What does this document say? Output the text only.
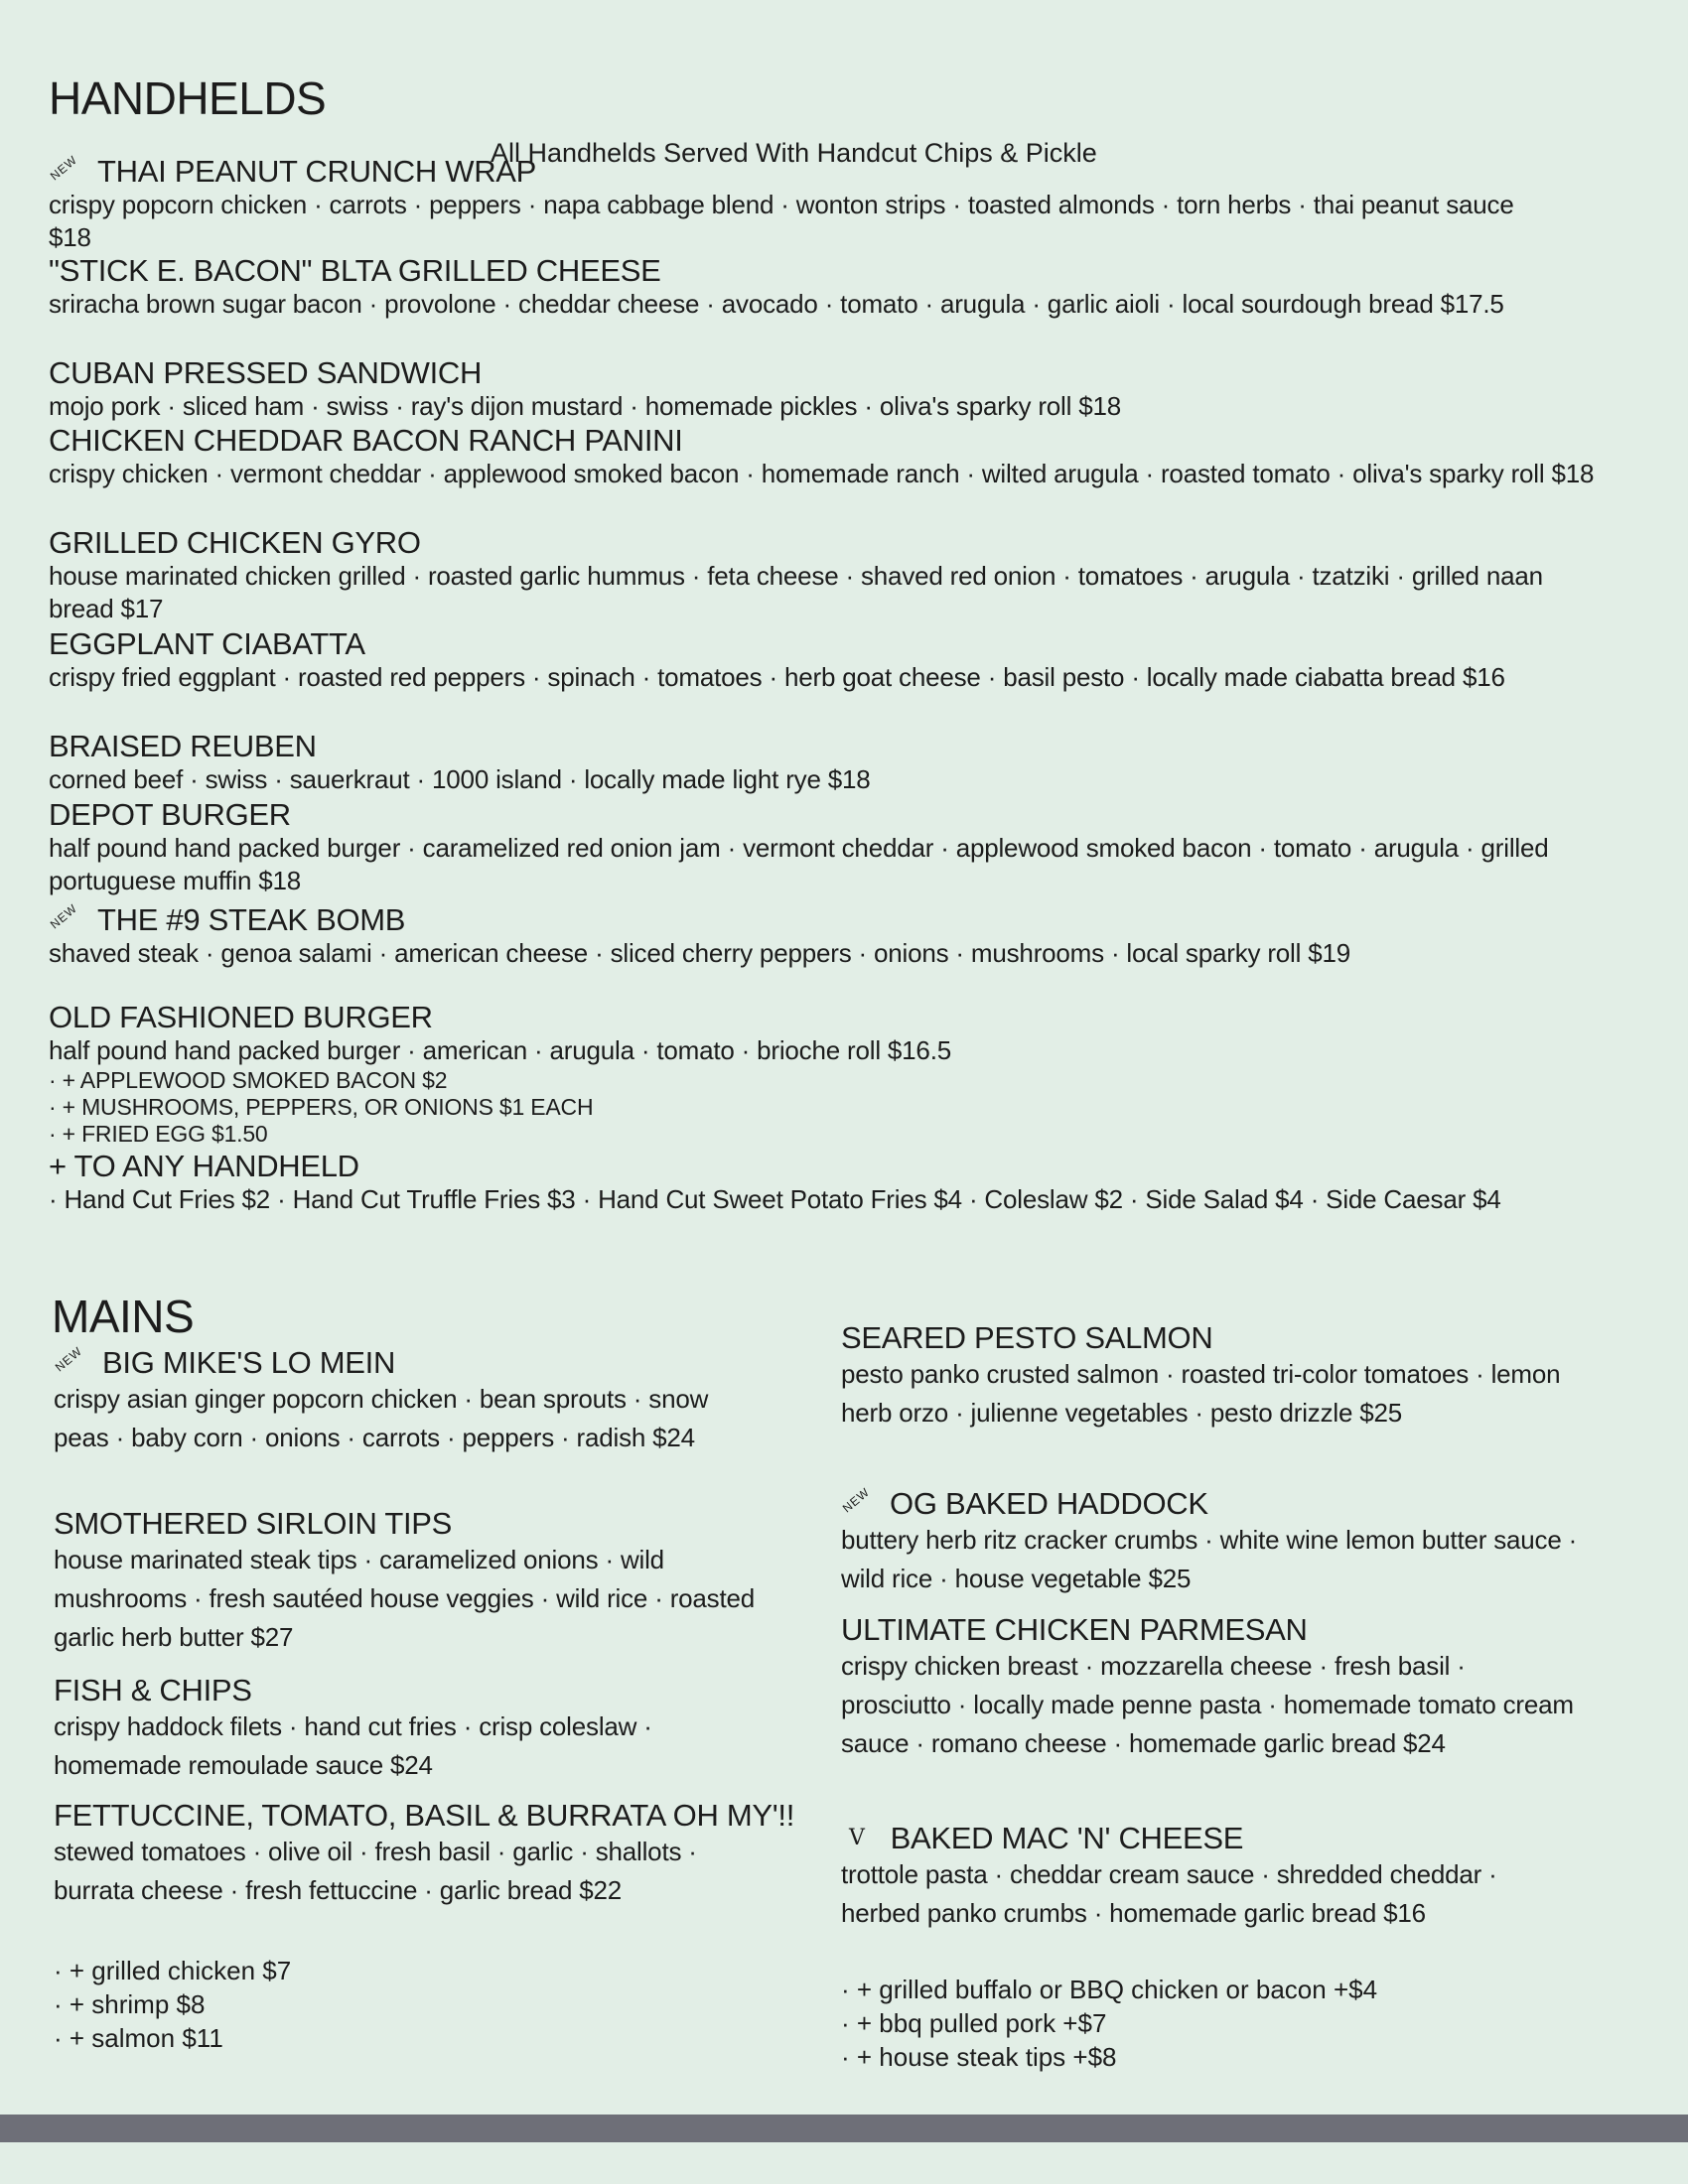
HANDHELDS
All Handhelds Served With Handcut Chips & Pickle
NEW THAI PEANUT CRUNCH WRAP
crispy popcorn chicken · carrots · peppers · napa cabbage blend · wonton strips · toasted almonds · torn herbs · thai peanut sauce $18
"STICK E. BACON" BLTA GRILLED CHEESE
sriracha brown sugar bacon · provolone · cheddar cheese · avocado · tomato · arugula · garlic aioli · local sourdough bread $17.5
CUBAN PRESSED SANDWICH
mojo pork · sliced ham · swiss · ray's dijon mustard · homemade pickles · oliva's sparky roll $18
CHICKEN CHEDDAR BACON RANCH PANINI
crispy chicken · vermont cheddar · applewood smoked bacon · homemade ranch · wilted arugula · roasted tomato · oliva's sparky roll $18
GRILLED CHICKEN GYRO
house marinated chicken grilled · roasted garlic hummus · feta cheese · shaved red onion · tomatoes · arugula · tzatziki · grilled naan bread $17
EGGPLANT CIABATTA
crispy fried eggplant · roasted red peppers · spinach · tomatoes · herb goat cheese · basil pesto · locally made ciabatta bread $16
BRAISED REUBEN
corned beef · swiss · sauerkraut · 1000 island · locally made light rye $18
DEPOT BURGER
half pound hand packed burger · caramelized red onion jam · vermont cheddar · applewood smoked bacon · tomato · arugula · grilled portuguese muffin $18
NEW THE #9 STEAK BOMB
shaved steak · genoa salami · american cheese · sliced cherry peppers · onions · mushrooms · local sparky roll $19
OLD FASHIONED BURGER
half pound hand packed burger · american · arugula · tomato · brioche roll $16.5
· + APPLEWOOD SMOKED BACON $2
· + MUSHROOMS, PEPPERS, OR ONIONS $1 EACH
· + FRIED EGG $1.50
+ TO ANY HANDHELD
· Hand Cut Fries $2 · Hand Cut Truffle Fries $3 · Hand Cut Sweet Potato Fries $4 · Coleslaw $2 · Side Salad $4 · Side Caesar $4
MAINS
NEW BIG MIKE'S LO MEIN
crispy asian ginger popcorn chicken · bean sprouts · snow peas · baby corn · onions · carrots · peppers · radish $24
SMOTHERED SIRLOIN TIPS
house marinated steak tips · caramelized onions · wild mushrooms · fresh sautéed house veggies · wild rice · roasted garlic herb butter $27
FISH & CHIPS
crispy haddock filets · hand cut fries · crisp coleslaw · homemade remoulade sauce $24
FETTUCCINE, TOMATO, BASIL & BURRATA OH MY'!!
stewed tomatoes · olive oil · fresh basil · garlic · shallots · burrata cheese · fresh fettuccine · garlic bread $22
· + grilled chicken $7
· + shrimp $8
· + salmon $11
SEARED PESTO SALMON
pesto panko crusted salmon · roasted tri-color tomatoes · lemon herb orzo · julienne vegetables · pesto drizzle $25
NEW OG BAKED HADDOCK
buttery herb ritz cracker crumbs · white wine lemon butter sauce · wild rice · house vegetable $25
ULTIMATE CHICKEN PARMESAN
crispy chicken breast · mozzarella cheese · fresh basil · prosciutto · locally made penne pasta · homemade tomato cream sauce · romano cheese · homemade garlic bread $24
V BAKED MAC 'N' CHEESE
trottole pasta · cheddar cream sauce · shredded cheddar · herbed panko crumbs · homemade garlic bread $16
· + grilled buffalo or BBQ chicken or bacon +$4
· + bbq pulled pork +$7
· + house steak tips +$8
